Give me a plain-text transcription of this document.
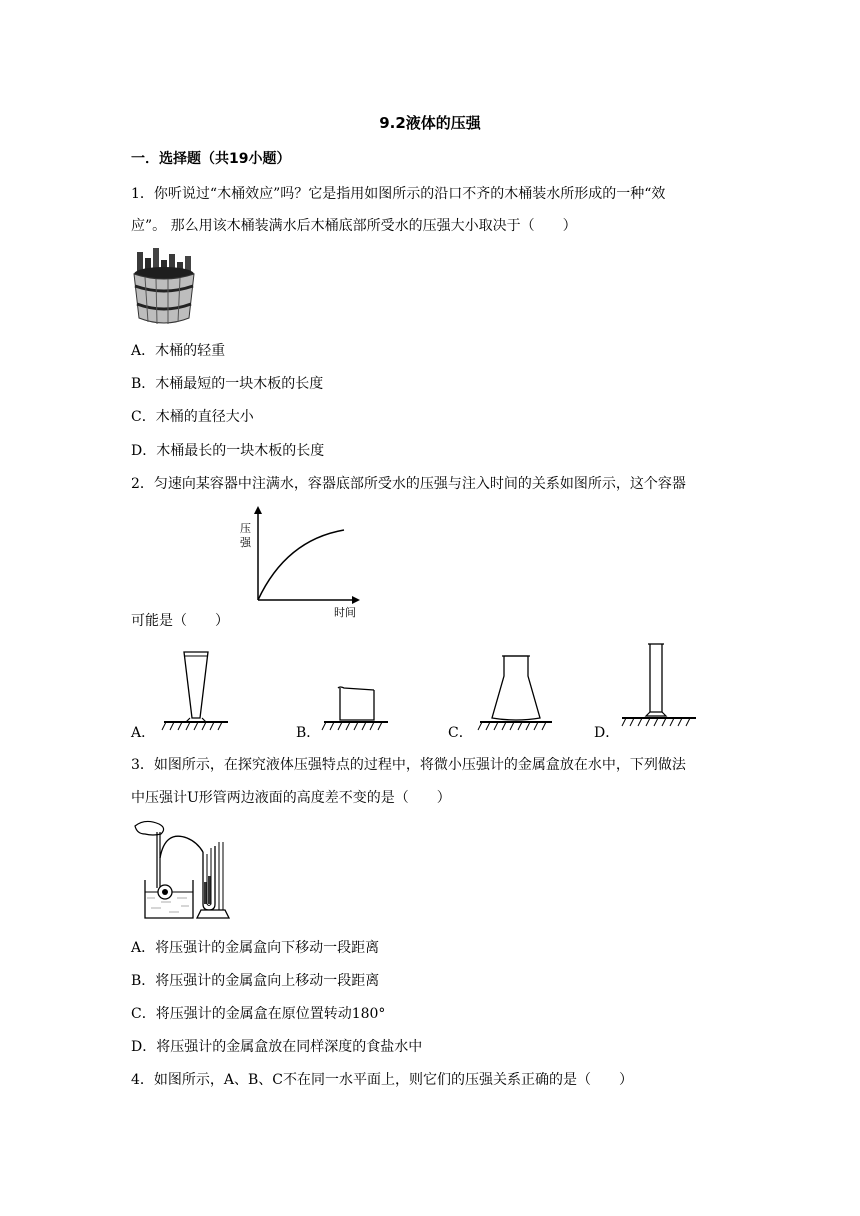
9.2液体的压强
一．选择题（共19小题）
1．你听说过“木桶效应”吗？它是指用如图所示的沿口不齐的木桶装水所形成的一种“效
应”。 那么用该木桶装满水后木桶底部所受水的压强大小取决于（　　）
A．木桶的轻重
B．木桶最短的一块木板的长度
C．木桶的直径大小
D．木桶最长的一块木板的长度
2．匀速向某容器中注满水，容器底部所受水的压强与注入时间的关系如图所示，这个容器
压
强
时间
可能是（　　）
A．	B．	C．	D．
3．如图所示，在探究液体压强特点的过程中，将微小压强计的金属盒放在水中，下列做法
中压强计U形管两边液面的高度差不变的是（　　）
A．将压强计的金属盒向下移动一段距离
B．将压强计的金属盒向上移动一段距离
C．将压强计的金属盒在原位置转动180°
D．将压强计的金属盒放在同样深度的食盐水中
4．如图所示，A、B、C不在同一水平面上，则它们的压强关系正确的是（　　）
